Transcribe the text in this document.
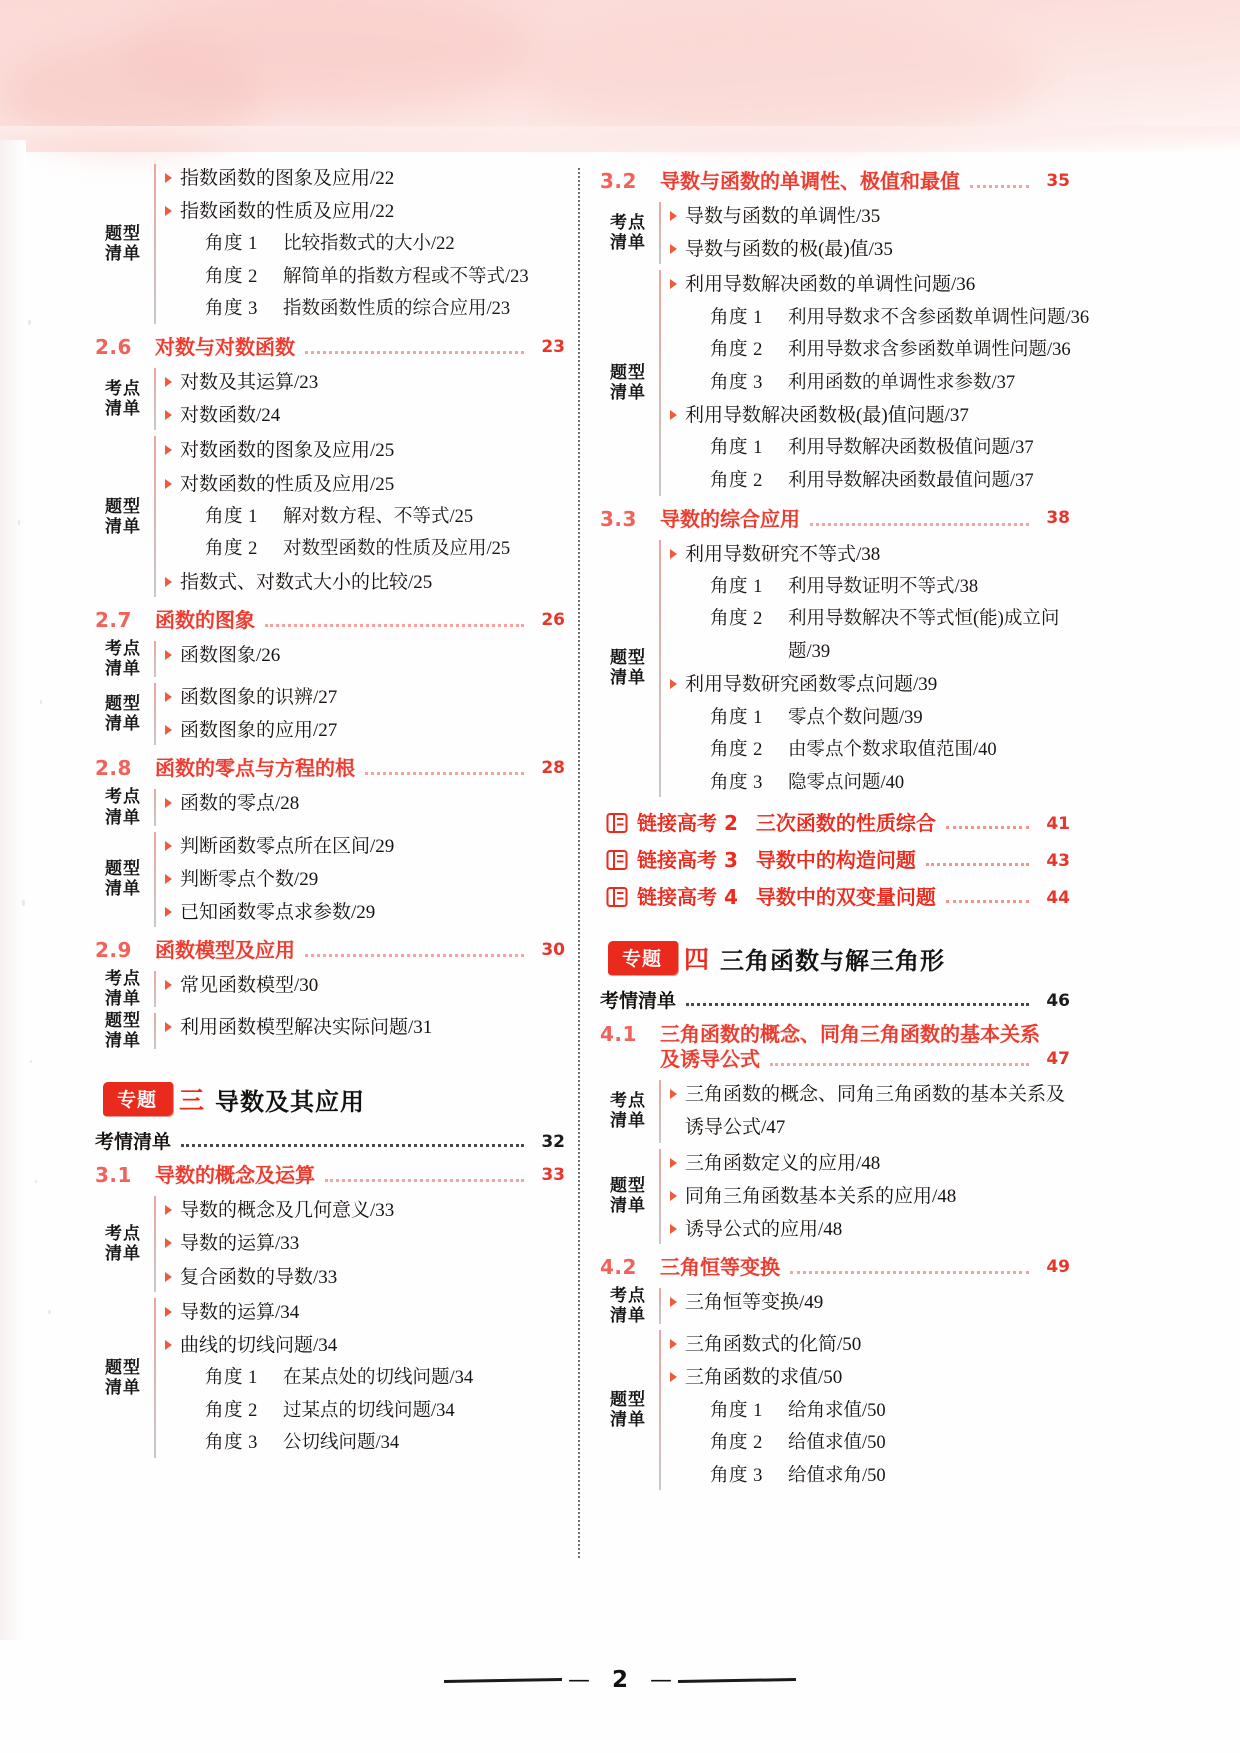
题型
清单
指数函数的图象及应用/22
指数函数的性质及应用/22
角度 1	比较指数式的大小/22
角度 2	解简单的指数方程或不等式/23
角度 3	指数函数性质的综合应用/23
2.6	对数与对数函数	23
考点
清单
对数及其运算/23
对数函数/24
题型
清单
对数函数的图象及应用/25
对数函数的性质及应用/25
角度 1	解对数方程、不等式/25
角度 2	对数型函数的性质及应用/25
指数式、对数式大小的比较/25
2.7	函数的图象	26
考点
清单
函数图象/26
题型
清单
函数图象的识辨/27
函数图象的应用/27
2.8	函数的零点与方程的根	28
考点
清单
函数的零点/28
题型
清单
判断函数零点所在区间/29
判断零点个数/29
已知函数零点求参数/29
2.9	函数模型及应用	30
考点
清单
常见函数模型/30
题型
清单
利用函数模型解决实际问题/31
专题 三 导数及其应用
考情清单	32
3.1	导数的概念及运算	33
考点
清单
导数的概念及几何意义/33
导数的运算/33
复合函数的导数/33
题型
清单
导数的运算/34
曲线的切线问题/34
角度 1	在某点处的切线问题/34
角度 2	过某点的切线问题/34
角度 3	公切线问题/34
3.2	导数与函数的单调性、极值和最值	35
考点
清单
导数与函数的单调性/35
导数与函数的极(最)值/35
题型
清单
利用导数解决函数的单调性问题/36
角度 1	利用导数求不含参函数单调性问题/36
角度 2	利用导数求含参函数单调性问题/36
角度 3	利用函数的单调性求参数/37
利用导数解决函数极(最)值问题/37
角度 1	利用导数解决函数极值问题/37
角度 2	利用导数解决函数最值问题/37
3.3	导数的综合应用	38
题型
清单
利用导数研究不等式/38
角度 1	利用导数证明不等式/38
角度 2	利用导数解决不等式恒(能)成立问
题/39
利用导数研究函数零点问题/39
角度 1	零点个数问题/39
角度 2	由零点个数求取值范围/40
角度 3	隐零点问题/40
链接高考 2 三次函数的性质综合	41
链接高考 3 导数中的构造问题	43
链接高考 4 导数中的双变量问题	44
专题 四 三角函数与解三角形
考情清单	46
4.1	三角函数的概念、同角三角函数的基本关系
及诱导公式	47
考点
清单
三角函数的概念、同角三角函数的基本关系及
诱导公式/47
题型
清单
三角函数定义的应用/48
同角三角函数基本关系的应用/48
诱导公式的应用/48
4.2	三角恒等变换	49
考点
清单
三角恒等变换/49
题型
清单
三角函数式的化简/50
三角函数的求值/50
角度 1	给角求值/50
角度 2	给值求值/50
角度 3	给值求角/50
— 2 —
